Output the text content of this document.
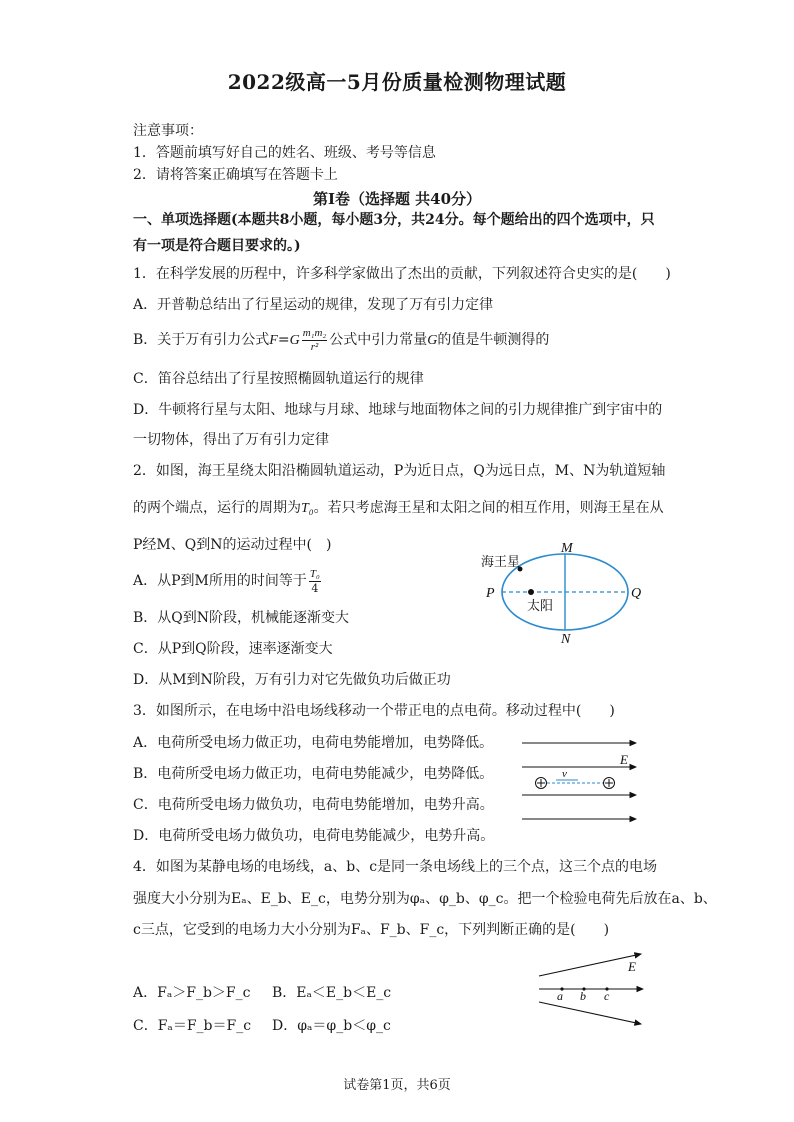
2022级高一5月份质量检测物理试题
注意事项：
1．答题前填写好自己的姓名、班级、考号等信息
2．请将答案正确填写在答题卡上
第I卷（选择题 共40分）
一、单项选择题(本题共8小题，每小题3分，共24分。每个题给出的四个选项中，只
有一项是符合题目要求的。)
1．在科学发展的历程中，许多科学家做出了杰出的贡献，下列叙述符合史实的是(　　)
A．开普勒总结出了行星运动的规律，发现了万有引力定律
B．关于万有引力公式$F=G \frac{\text{m₁m₂}}{\text{r²}}$ 公式中引力常量G的值是牛顿测得的
C．笛谷总结出了行星按照椭圆轨道运行的规律
D．牛顿将行星与太阳、地球与月球、地球与地面物体之间的引力规律推广到宇宙中的
一切物体，得出了万有引力定律
2．如图，海王星绕太阳沿椭圆轨道运动，P为近日点，Q为远日点，M、N为轨道短轴
的两个端点，运行的周期为T₀。若只考虑海王星和太阳之间的相互作用，则海王星在从
P经M、Q到N的运动过程中(　)
A．从P到M所用的时间等于 $\frac{\text{T₀}}{4}$
B．从Q到N阶段，机械能逐渐变大
C．从P到Q阶段，速率逐渐变大
D．从M到N阶段，万有引力对它先做负功后做正功
海王星
太阳
P	Q
M
N
3．如图所示，在电场中沿电场线移动一个带正电的点电荷。移动过程中(　　)
A．电荷所受电场力做正功，电荷电势能增加，电势降低。
B．电荷所受电场力做正功，电荷电势能减少，电势降低。
C．电荷所受电场力做负功，电荷电势能增加，电势升高。
D．电荷所受电场力做负功，电荷电势能减少，电势升高。
E
v
4．如图为某静电场的电场线，a、b、c是同一条电场线上的三个点，这三个点的电场
强度大小分别为Eₐ、E_b、E_c，电势分别为φₐ、φ_b、φ_c。把一个检验电荷先后放在a、b、
c三点，它受到的电场力大小分别为Fₐ、F_b、F_c，下列判断正确的是(　　)
A．Fₐ＞F_b＞F_c B．Eₐ＜E_b＜E_c
C．Fₐ＝F_b＝F_c D．φₐ＝φ_b＜φ_c
E
a b c
试卷第1页，共6页
